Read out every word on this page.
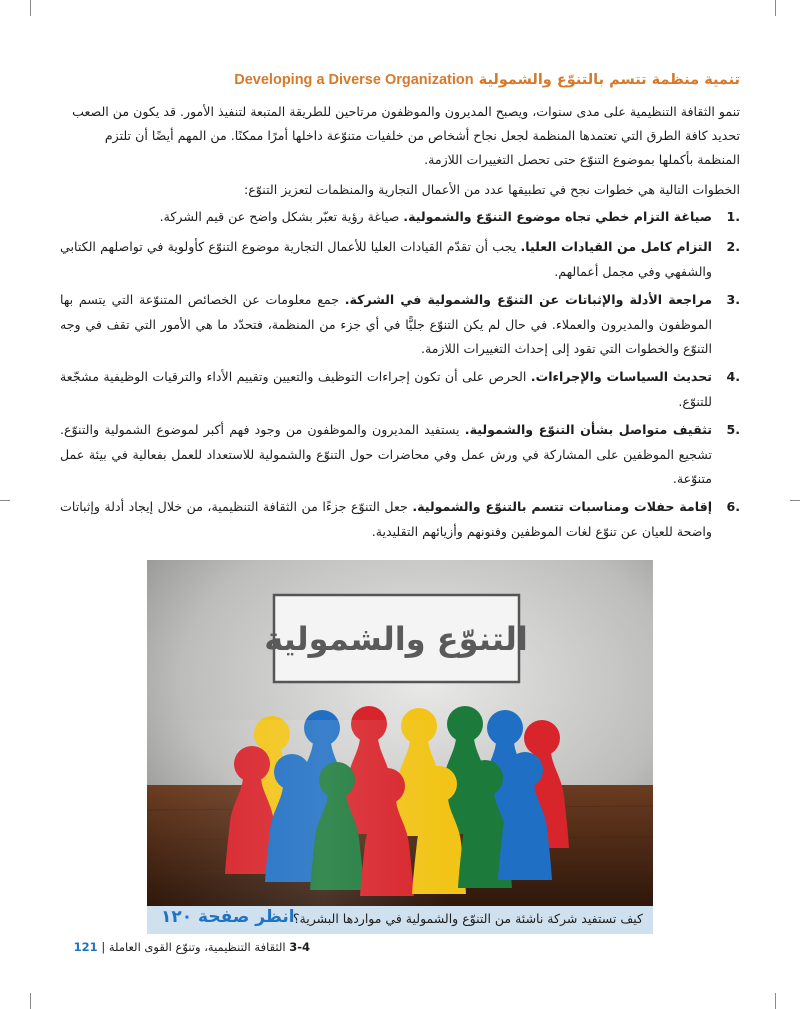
تنمية منظمة تتسم بالتنوّع والشمولية Developing a Diverse Organization
تنمو الثقافة التنظيمية على مدى سنوات، ويصبح المديرون والموظفون مرتاحين للطريقة المتبعة لتنفيذ الأمور. قد يكون من الصعب تحديد كافة الطرق التي تعتمدها المنظمة لجعل نجاح أشخاص من خلفيات متنوّعة داخلها أمرًا ممكنًا. من المهم أيضًا أن تلتزم المنظمة بأكملها بموضوع التنوّع حتى تحصل التغييرات اللازمة.
الخطوات التالية هي خطوات نجح في تطبيقها عدد من الأعمال التجارية والمنظمات لتعزيز التنوّع:
.1
صياغة التزام خطي تجاه موضوع التنوّع والشمولية. صياغة رؤية تعبّر بشكل واضح عن قيم الشركة.
.2
التزام كامل من القيادات العليا. يجب أن تقدّم القيادات العليا للأعمال التجارية موضوع التنوّع كأولوية في تواصلهم الكتابي والشفهي وفي مجمل أعمالهم.
.3
مراجعة الأدلة والإثباتات عن التنوّع والشمولية في الشركة. جمع معلومات عن الخصائص المتنوّعة التي يتسم بها الموظفون والمديرون والعملاء. في حال لم يكن التنوّع جليًّا في أي جزء من المنظمة، فتحدّد ما هي الأمور التي تقف في وجه التنوّع والخطوات التي تقود إلى إحداث التغييرات اللازمة.
.4
تحديث السياسات والإجراءات. الحرص على أن تكون إجراءات التوظيف والتعيين وتقييم الأداء والترقيات الوظيفية مشجّعة للتنوّع.
.5
تثقيف متواصل بشأن التنوّع والشمولية. يستفيد المديرون والموظفون من وجود فهم أكبر لموضوع الشمولية والتنوّع. تشجيع الموظفين على المشاركة في ورش عمل وفي محاضرات حول التنوّع والشمولية للاستعداد للعمل بفعالية في بيئة عمل متنوّعة.
.6
إقامة حفلات ومناسبات تتسم بالتنوّع والشمولية. جعل التنوّع جزءًا من الثقافة التنظيمية، من خلال إيجاد أدلة وإثباتات واضحة للعيان عن تنوّع لغات الموظفين وفنونهم وأزيائهم التقليدية.
التنوّع والشمولية
كيف تستفيد شركة ناشئة من التنوّع والشمولية في مواردها البشرية؟
انظر صفحة ١٢٠
3-4 الثقافة التنظيمية، وتنوّع القوى العاملة | 121
